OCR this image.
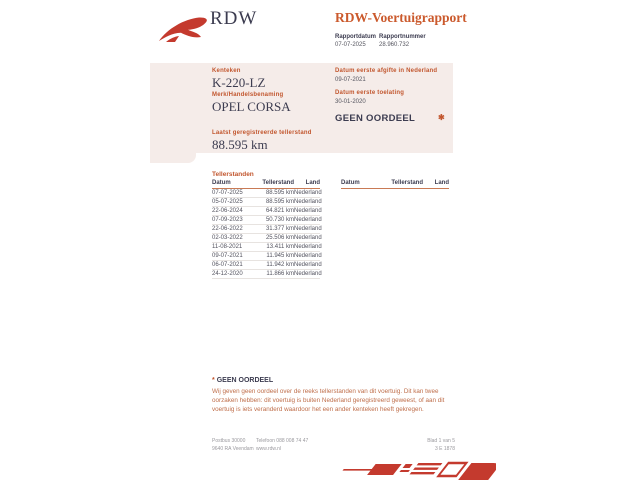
RDW	RDW-Voertuigrapport
Rapportdatum
07-07-2025
Rapportnummer
28.960.732
Kenteken
K-220-LZ
Merk/Handelsbenaming
OPEL CORSA
Datum eerste afgifte in Nederland
09-07-2021
Datum eerste toelating
30-01-2020
GEEN OORDEEL	✱
Laatst geregistreerde tellerstand
88.595 km
Tellerstanden
Datum	Tellerstand	Land
07-07-2025	88.595 km	Nederland
05-07-2025	88.595 km	Nederland
22-06-2024	64.821 km	Nederland
07-09-2023	50.730 km	Nederland
22-06-2022	31.377 km	Nederland
02-03-2022	25.506 km	Nederland
11-08-2021	13.411 km	Nederland
09-07-2021	11.945 km	Nederland
06-07-2021	11.942 km	Nederland
24-12-2020	11.866 km	Nederland
Datum	Tellerstand	Land
* GEEN OORDEEL
Wij geven geen oordeel over de reeks tellerstanden van dit voertuig. Dit kan twee oorzaken hebben: dit voertuig is buiten Nederland geregistreerd geweest, of aan dit voertuig is iets veranderd waardoor het een ander kenteken heeft gekregen.
Postbus 30000
9640 RA Veendam
Telefoon 088 008 74 47
www.rdw.nl
Blad 1 van 5
3 E 1878
